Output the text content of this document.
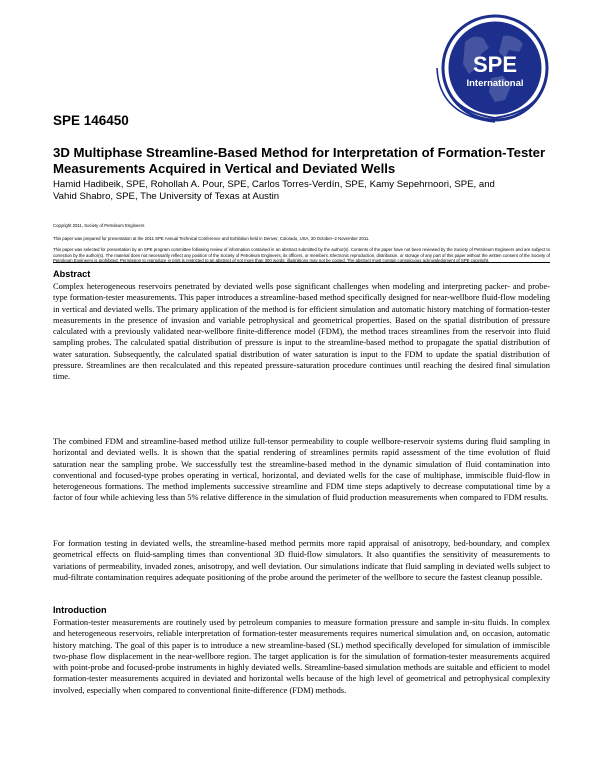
SPE
International
SPE 146450
3D Multiphase Streamline-Based Method for Interpretation of Formation-Tester Measurements Acquired in Vertical and Deviated Wells
Hamid Hadibeik, SPE, Rohollah A. Pour, SPE, Carlos Torres-Verdín, SPE, Kamy Sepehrnoori, SPE, and
Vahid Shabro, SPE, The University of Texas at Austin
Copyright 2011, Society of Petroleum Engineers
This paper was prepared for presentation at the 2011 SPE Annual Technical Conference and Exhibition held in Denver, Colorado, USA, 30 October–2 November 2011.
This paper was selected for presentation by an SPE program committee following review of information contained in an abstract submitted by the author(s). Contents of the paper have not been reviewed by the Society of Petroleum Engineers and are subject to correction by the author(s). The material does not necessarily reflect any position of the Society of Petroleum Engineers, its officers, or members. Electronic reproduction, distribution, or storage of any part of this paper without the written consent of the Society of Petroleum Engineers is prohibited. Permission to reproduce in print is restricted to an abstract of not more than 300 words; illustrations may not be copied. The abstract must contain conspicuous acknowledgment of SPE copyright.
Abstract

Complex heterogeneous reservoirs penetrated by deviated wells pose significant challenges when modeling and interpreting packer- and probe-type formation-tester measurements. This paper introduces a streamline-based method specifically designed for near-wellbore fluid-flow modeling in vertical and deviated wells. The primary application of the method is for efficient simulation and automatic history matching of formation-tester measurements in the presence of invasion and variable petrophysical and geometrical properties. Based on the spatial distribution of pressure calculated with a previously validated near-wellbore finite-difference model (FDM), the method traces streamlines from the reservoir into fluid sampling probes. The calculated spatial distribution of pressure is input to the streamline-based method to propagate the spatial distribution of water saturation. Subsequently, the calculated spatial distribution of water saturation is input to the FDM to update the spatial distribution of pressure. Streamlines are then recalculated and this repeated pressure-saturation procedure continues until reaching the desired final simulation time.

The combined FDM and streamline-based method utilize full-tensor permeability to couple wellbore-reservoir systems during fluid sampling in horizontal and deviated wells. It is shown that the spatial rendering of streamlines permits rapid assessment of the time evolution of fluid saturation near the sampling probe. We successfully test the streamline-based method in the dynamic simulation of fluid contamination into conventional and focused-type probes operating in vertical, horizontal, and deviated wells for the case of multiphase, immiscible fluid-flow in heterogeneous formations. The method implements successive streamline and FDM time steps adaptively to decrease computational time by a factor of four while achieving less than 5% relative difference in the simulation of fluid production measurements when compared to FDM results.

For formation testing in deviated wells, the streamline-based method permits more rapid appraisal of anisotropy, bed-boundary, and complex geometrical effects on fluid-sampling times than conventional 3D fluid-flow simulators. It also quantifies the sensitivity of measurements to variations of permeability, invaded zones, anisotropy, and well deviation. Our simulations indicate that fluid sampling in deviated wells subject to mud-filtrate contamination requires adequate positioning of the probe around the perimeter of the wellbore to secure the fastest cleanup possible.

Introduction

Formation-tester measurements are routinely used by petroleum companies to measure formation pressure and sample in-situ fluids. In complex and heterogeneous reservoirs, reliable interpretation of formation-tester measurements requires numerical simulation and, on occasion, automatic history matching. The goal of this paper is to introduce a new streamline-based (SL) method specifically developed for simulation of immiscible two-phase flow displacement in the near-wellbore region. The target application is for the simulation of formation-tester measurements acquired with point-probe and focused-probe instruments in highly deviated wells. Streamline-based simulation methods are suitable and efficient to model formation-tester measurements acquired in deviated and horizontal wells because of the high level of geometrical and petrophysical complexity involved, especially when compared to conventional finite-difference (FDM) methods.
